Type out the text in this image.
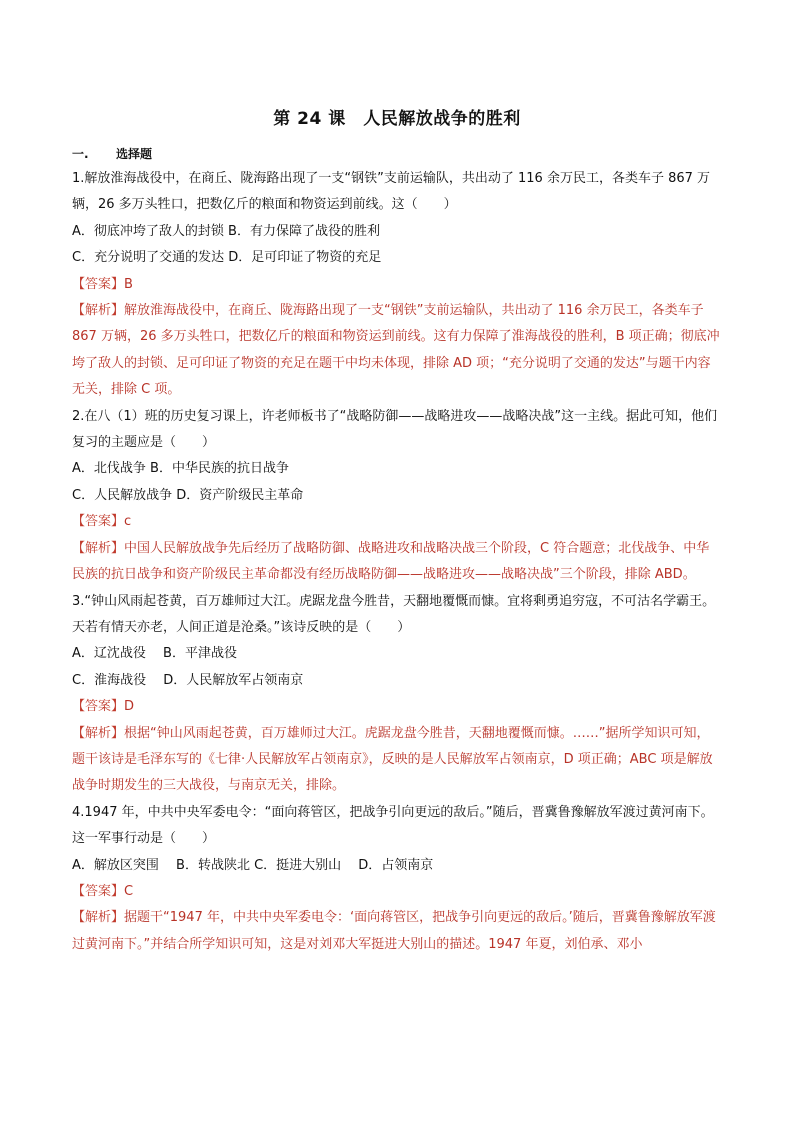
第 24 课　人民解放战争的胜利
一. 选择题

1.解放淮海战役中，在商丘、陇海路出现了一支“钢铁”支前运输队，共出动了 116 余万民工，各类车子 867 万辆，26 多万头牲口，把数亿斤的粮面和物资运到前线。这（　　）

A．彻底冲垮了敌人的封锁 B．有力保障了战役的胜利

C．充分说明了交通的发达 D．足可印证了物资的充足

【答案】B

【解析】解放淮海战役中，在商丘、陇海路出现了一支“钢铁”支前运输队，共出动了 116 余万民工，各类车子 867 万辆，26 多万头牲口，把数亿斤的粮面和物资运到前线。这有力保障了淮海战役的胜利，B 项正确；彻底冲垮了敌人的封锁、足可印证了物资的充足在题干中均未体现，排除 AD 项；“充分说明了交通的发达”与题干内容无关，排除 C 项。

2.在八（1）班的历史复习课上，许老师板书了“战略防御——战略进攻——战略决战”这一主线。据此可知，他们复习的主题应是（　　）

A．北伐战争 B．中华民族的抗日战争

C．人民解放战争 D．资产阶级民主革命

【答案】c

【解析】中国人民解放战争先后经历了战略防御、战略进攻和战略决战三个阶段，C 符合题意；北伐战争、中华民族的抗日战争和资产阶级民主革命都没有经历战略防御——战略进攻——战略决战”三个阶段，排除 ABD。

3.“钟山风雨起苍黄，百万雄师过大江。虎踞龙盘今胜昔，天翻地覆慨而慷。宜将剩勇追穷寇，不可沽名学霸王。天若有情天亦老，人间正道是沧桑。”该诗反映的是（　　）

A．辽沈战役　 B．平津战役

C．淮海战役　 D．人民解放军占领南京

【答案】D

【解析】根据“钟山风雨起苍黄，百万雄师过大江。虎踞龙盘今胜昔，天翻地覆慨而慷。……”据所学知识可知，题干该诗是毛泽东写的《七律·人民解放军占领南京》，反映的是人民解放军占领南京，D 项正确；ABC 项是解放战争时期发生的三大战役，与南京无关，排除。

4.1947 年，中共中央军委电令：“面向蒋管区，把战争引向更远的敌后。”随后，晋冀鲁豫解放军渡过黄河南下。这一军事行动是（　　）

A．解放区突围　 B．转战陕北 C．挺进大别山　 D．占领南京

【答案】C

【解析】据题干“1947 年，中共中央军委电令：‘面向蒋管区，把战争引向更远的敌后。’随后，晋冀鲁豫解放军渡过黄河南下。”并结合所学知识可知，这是对刘邓大军挺进大别山的描述。1947 年夏，刘伯承、邓小
